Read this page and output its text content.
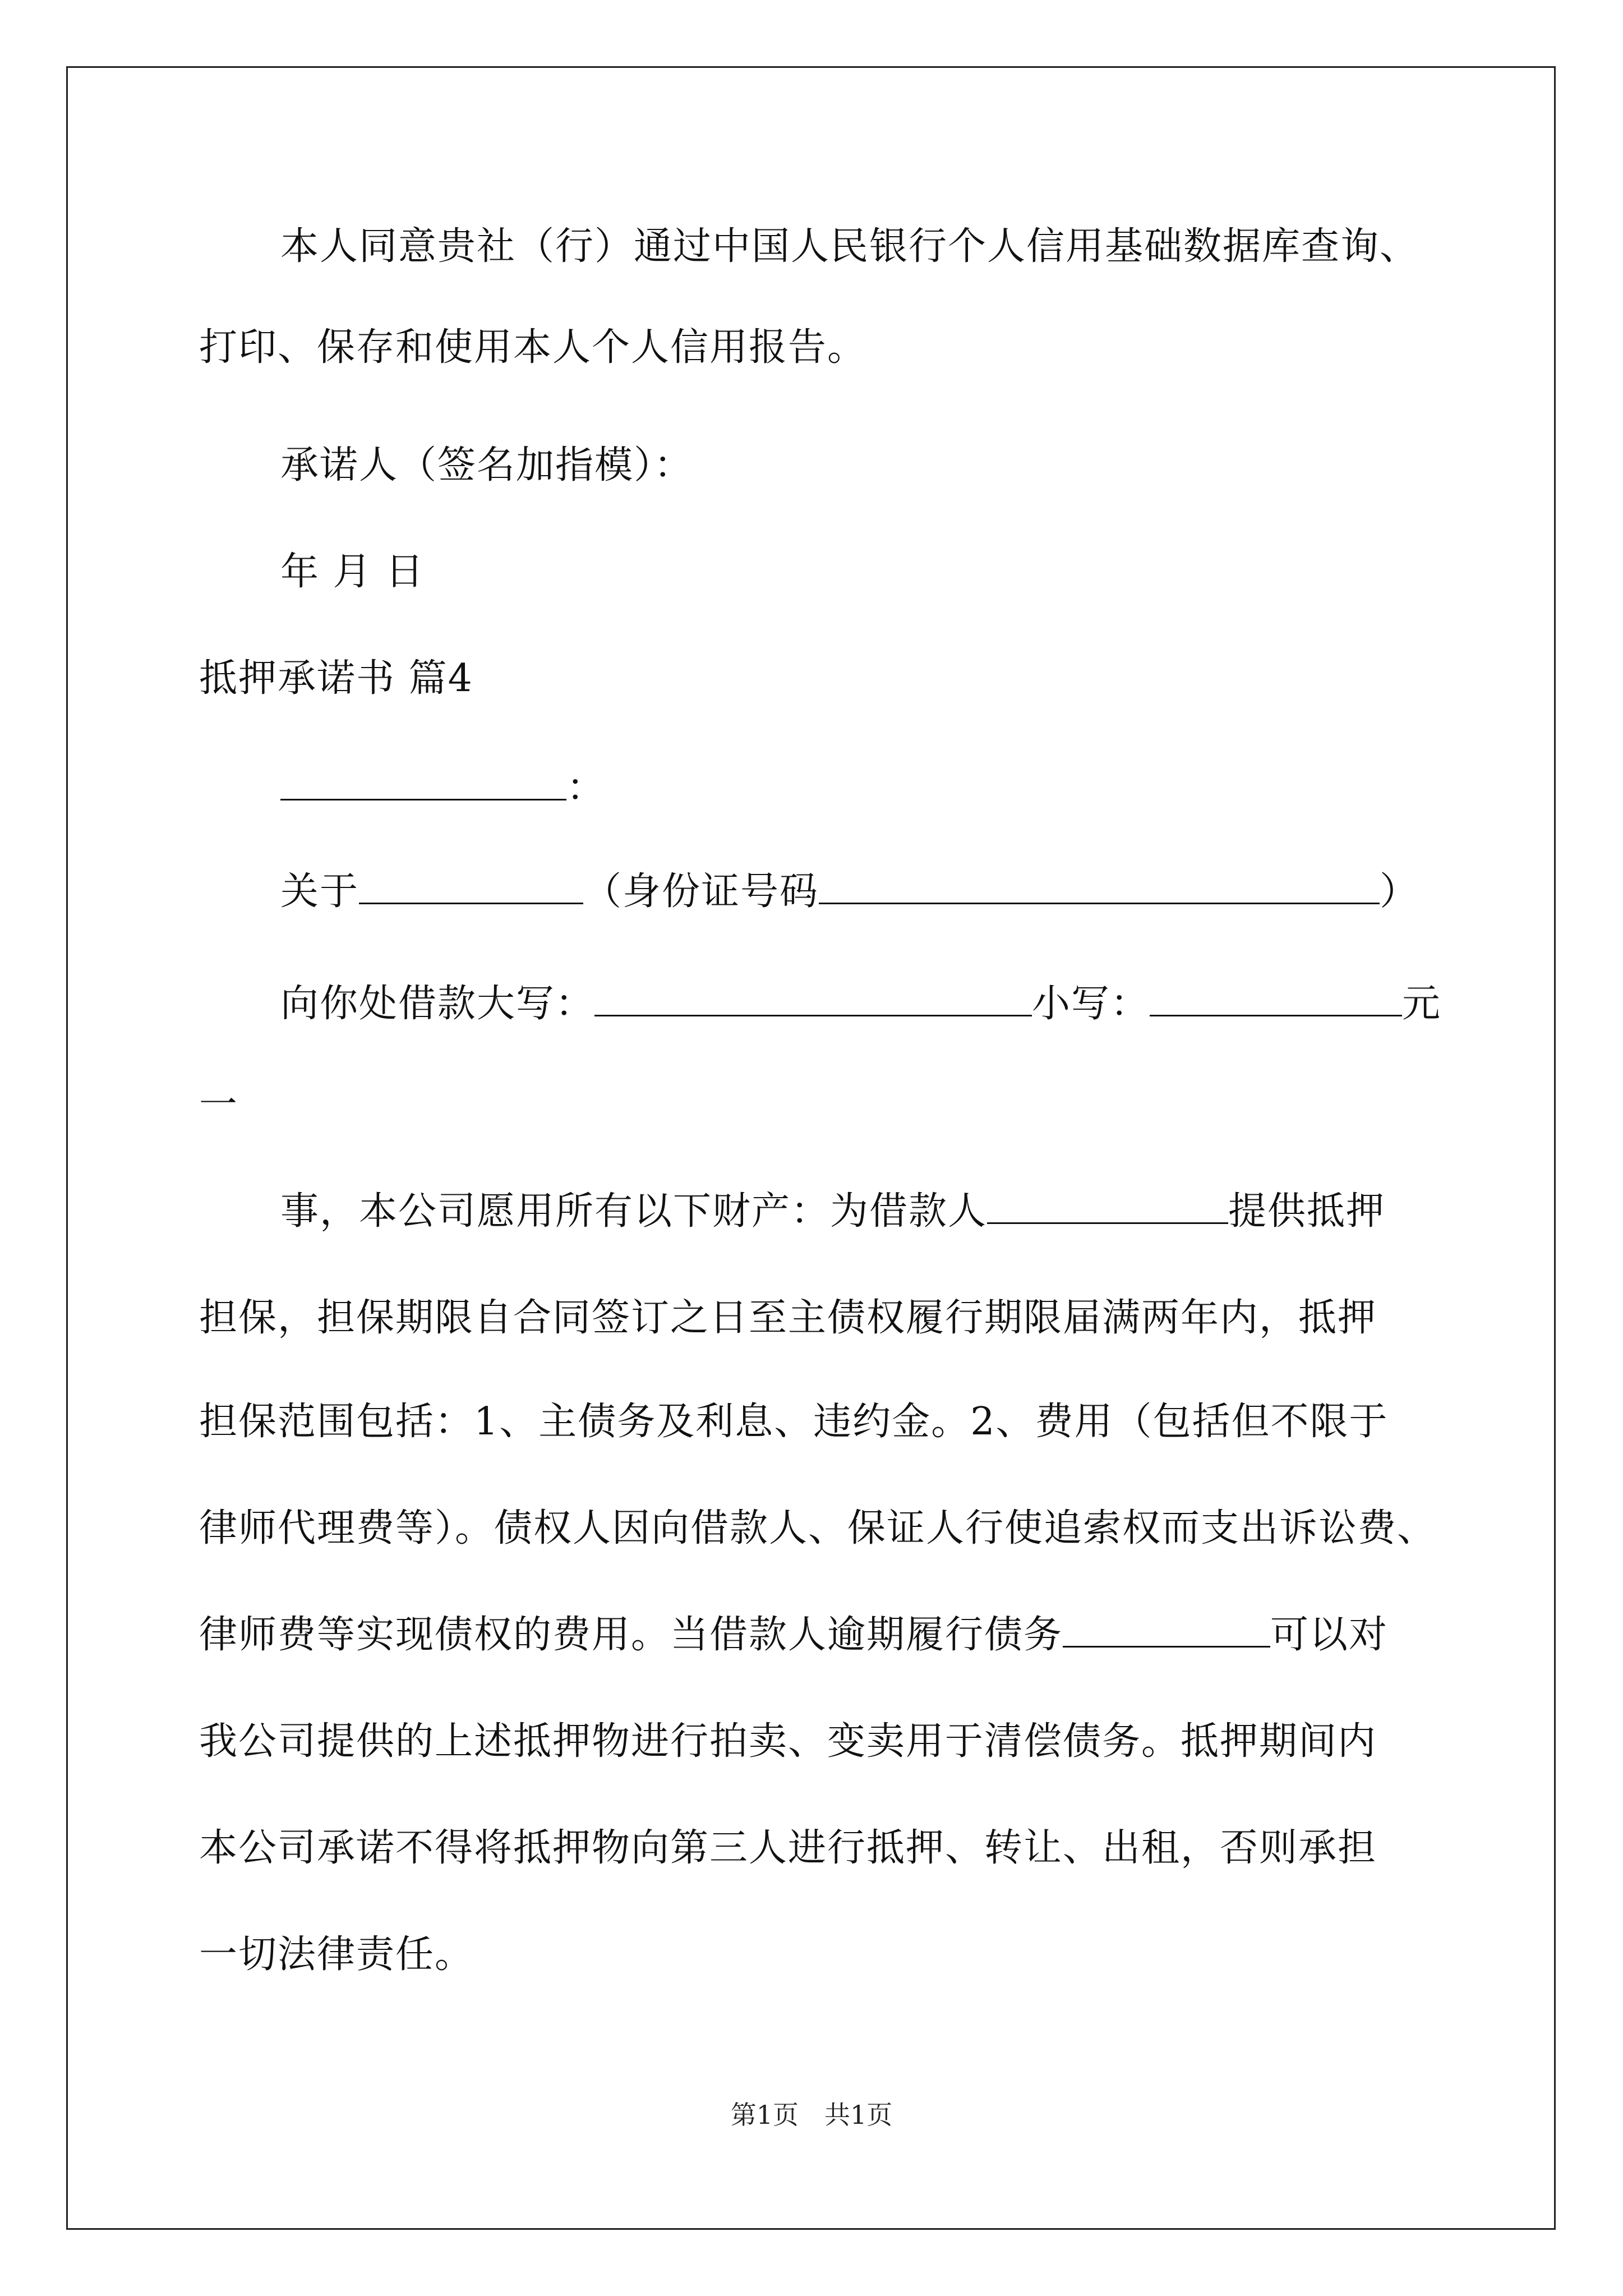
本人同意贵社（行）通过中国人民银行个人信用基础数据库查询、
打印、保存和使用本人个人信用报告。
承诺人（签名加指模）：
年 月 日
抵押承诺书 篇4
：
关于	（身份证号码	）
向你处借款大写：	小写：	元
一
事，本公司愿用所有以下财产：为借款人	提供抵押
担保，担保期限自合同签订之日至主债权履行期限届满两年内，抵押
担保范围包括：1、主债务及利息、违约金。2、费用（包括但不限于
律师代理费等）。债权人因向借款人、保证人行使追索权而支出诉讼费、
律师费等实现债权的费用。当借款人逾期履行债务	可以对
我公司提供的上述抵押物进行拍卖、变卖用于清偿债务。抵押期间内
本公司承诺不得将抵押物向第三人进行抵押、转让、出租，否则承担
一切法律责任。
第1页　共1页
